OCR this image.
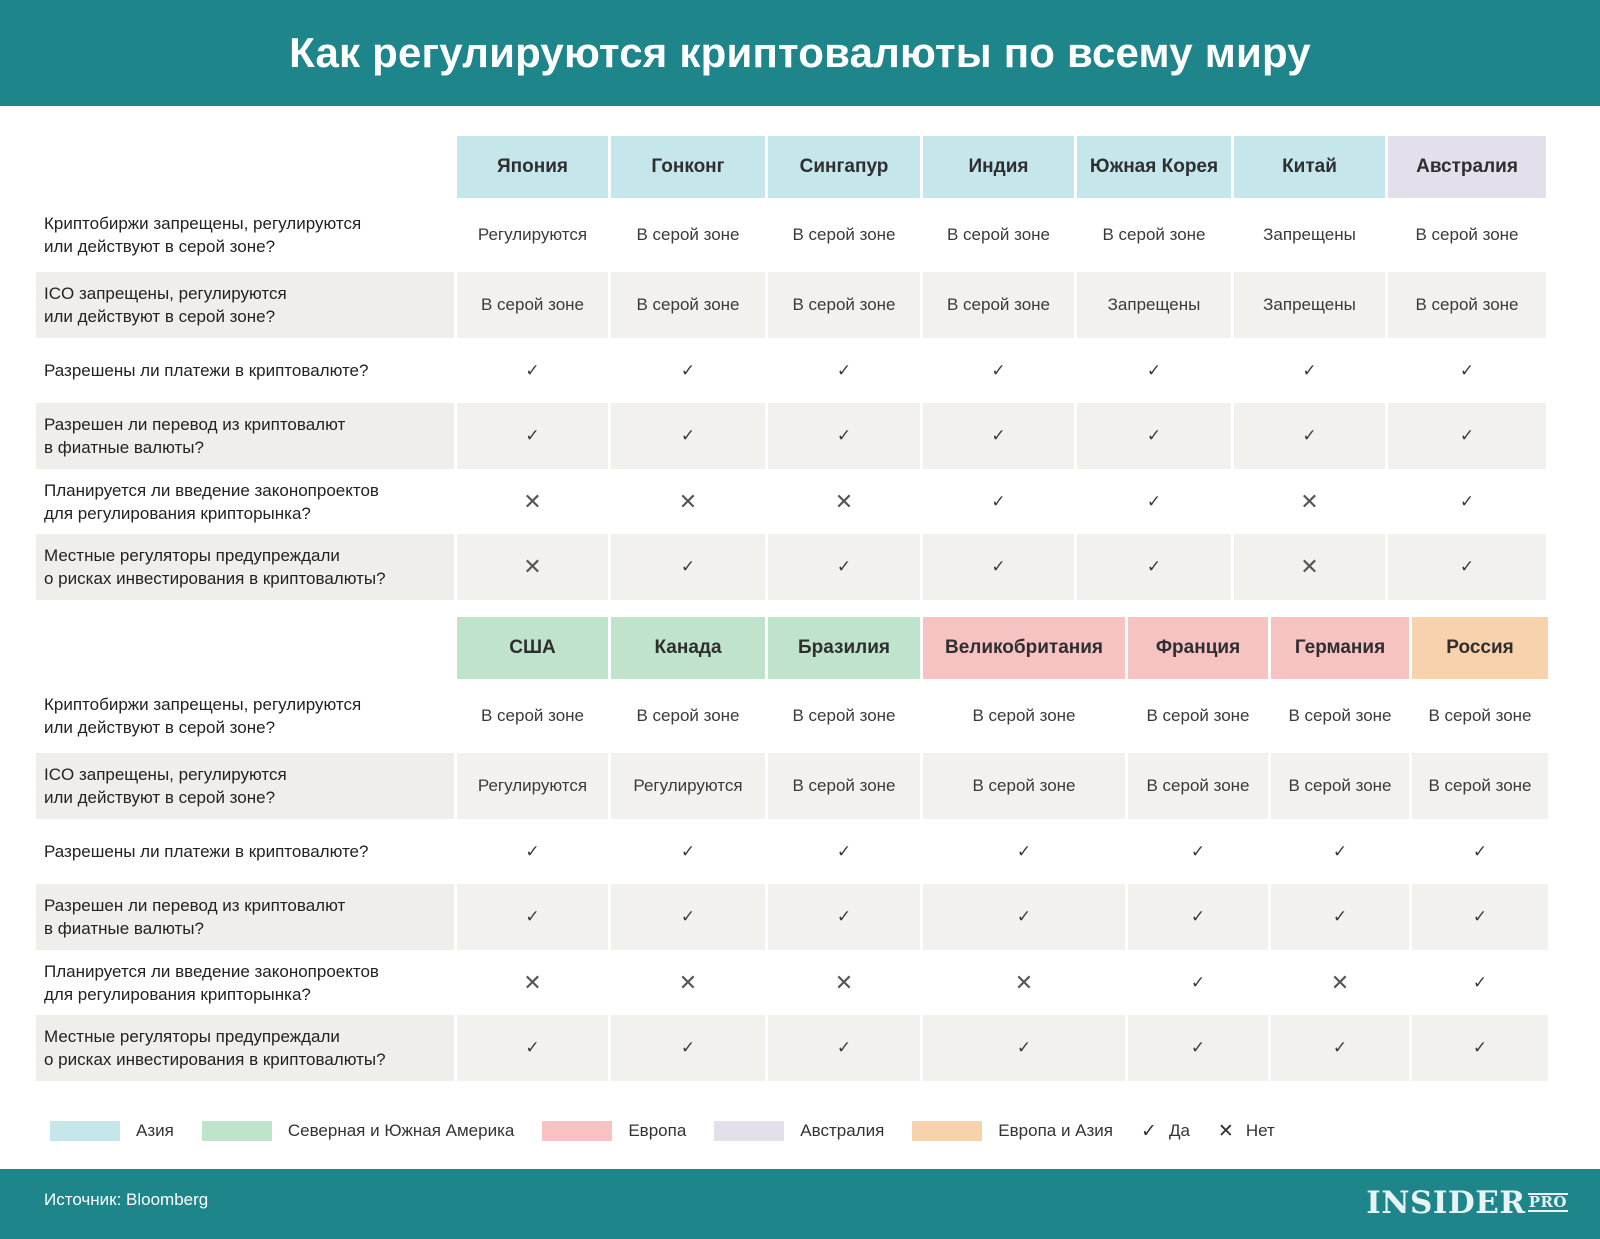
Как регулируются криптовалюты по всему миру
Япония	Гонконг	Сингапур	Индия	Южная Корея	Китай	Австралия
Криптобиржи запрещены, регулируются
или действуют в серой зоне?
Регулируются	В серой зоне	В серой зоне	В серой зоне	В серой зоне	Запрещены	В серой зоне
ICO запрещены, регулируются
или действуют в серой зоне?
В серой зоне	В серой зоне	В серой зоне	В серой зоне	Запрещены	Запрещены	В серой зоне
Разрешены ли платежи в криптовалюте?	✓	✓	✓	✓	✓	✓	✓
Разрешен ли перевод из криптовалют
в фиатные валюты?
✓	✓	✓	✓	✓	✓	✓
Планируется ли введение законопроектов
для регулирования крипторынка?	✕	✕	✕	✓	✓	✕	✓
Местные регуляторы предупреждали
о рисках инвестирования в криптовалюты?	✕	✓	✓	✓	✓	✕	✓
США	Канада	Бразилия	Великобритания	Франция	Германия	Россия
Криптобиржи запрещены, регулируются
или действуют в серой зоне?
В серой зоне	В серой зоне	В серой зоне	В серой зоне	В серой зоне	В серой зоне	В серой зоне
ICO запрещены, регулируются
или действуют в серой зоне?
Регулируются	Регулируются	В серой зоне	В серой зоне	В серой зоне	В серой зоне	В серой зоне
Разрешены ли платежи в криптовалюте?	✓	✓	✓	✓	✓	✓	✓
Разрешен ли перевод из криптовалют
в фиатные валюты?
✓	✓	✓	✓	✓	✓	✓
Планируется ли введение законопроектов
для регулирования крипторынка?	✕	✕	✕	✕	✓	✕	✓
Местные регуляторы предупреждали
о рисках инвестирования в криптовалюты?
✓	✓	✓	✓	✓	✓	✓
Азия	Северная и Южная Америка	Европа	Австралия	Европа и Азия ✓ Да ✕ Нет
Источник: Bloomberg	INSIDER PRO
